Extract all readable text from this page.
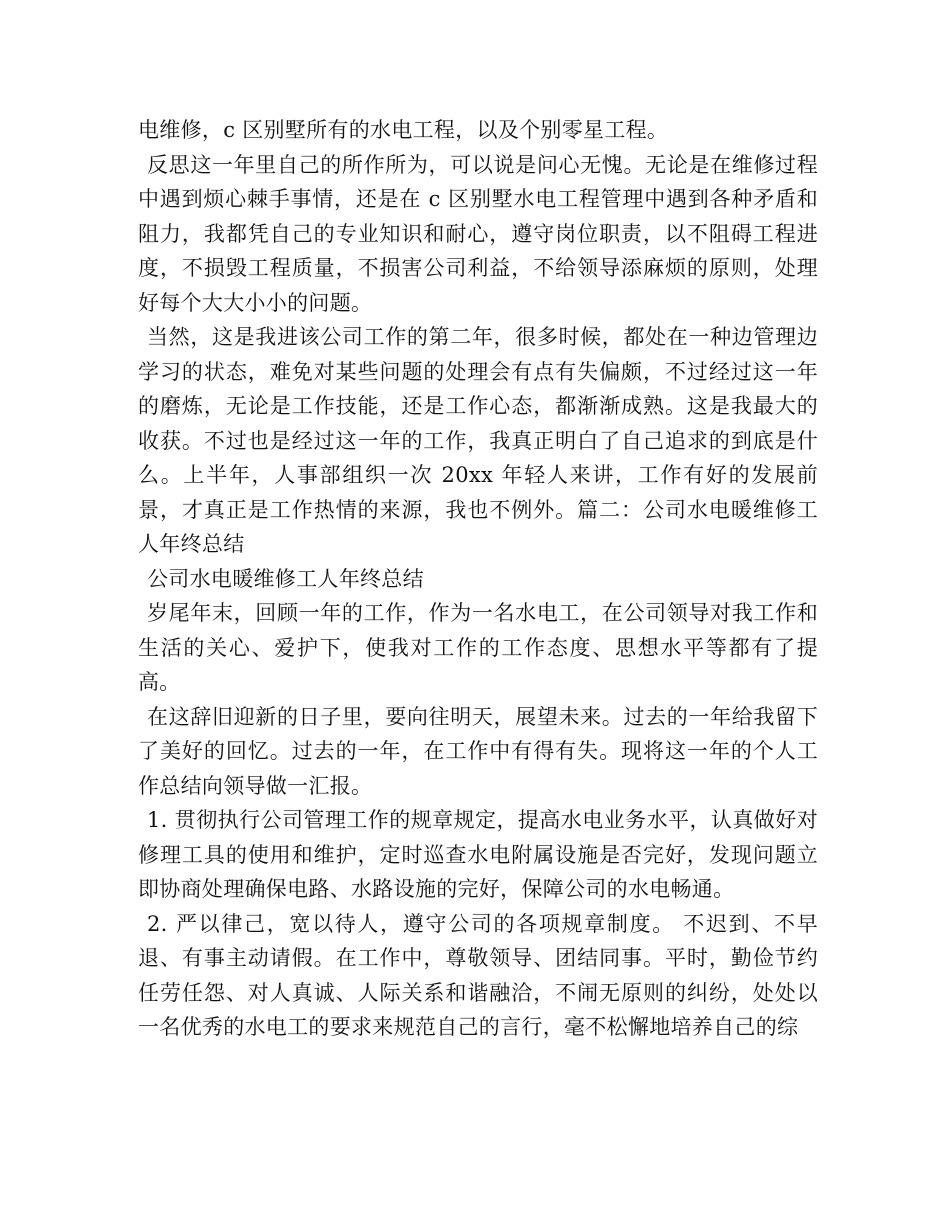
电维修，c 区别墅所有的水电工程，以及个别零星工程。

反思这一年里自己的所作所为，可以说是问心无愧。无论是在维修过程中遇到烦心棘手事情，还是在 c 区别墅水电工程管理中遇到各种矛盾和阻力，我都凭自己的专业知识和耐心，遵守岗位职责，以不阻碍工程进度，不损毁工程质量，不损害公司利益，不给领导添麻烦的原则，处理好每个大大小小的问题。

当然，这是我进该公司工作的第二年，很多时候，都处在一种边管理边学习的状态，难免对某些问题的处理会有点有失偏颇，不过经过这一年的磨炼，无论是工作技能，还是工作心态，都渐渐成熟。这是我最大的收获。不过也是经过这一年的工作，我真正明白了自己追求的到底是什么。上半年，人事部组织一次 20xx 年轻人来讲，工作有好的发展前景，才真正是工作热情的来源，我也不例外。篇二：公司水电暖维修工人年终总结

公司水电暖维修工人年终总结

岁尾年末，回顾一年的工作，作为一名水电工，在公司领导对我工作和生活的关心、爱护下，使我对工作的工作态度、思想水平等都有了提高。

在这辞旧迎新的日子里，要向往明天，展望未来。过去的一年给我留下了美好的回忆。过去的一年，在工作中有得有失。现将这一年的个人工作总结向领导做一汇报。

1. 贯彻执行公司管理工作的规章规定，提高水电业务水平，认真做好对修理工具的使用和维护，定时巡查水电附属设施是否完好，发现问题立即协商处理确保电路、水路设施的完好，保障公司的水电畅通。

2. 严以律己，宽以待人，遵守公司的各项规章制度。 不迟到、不早退、有事主动请假。在工作中，尊敬领导、团结同事。平时，勤俭节约任劳任怨、对人真诚、人际关系和谐融洽，不闹无原则的纠纷，处处以一名优秀的水电工的要求来规范自己的言行，毫不松懈地培养自己的综
